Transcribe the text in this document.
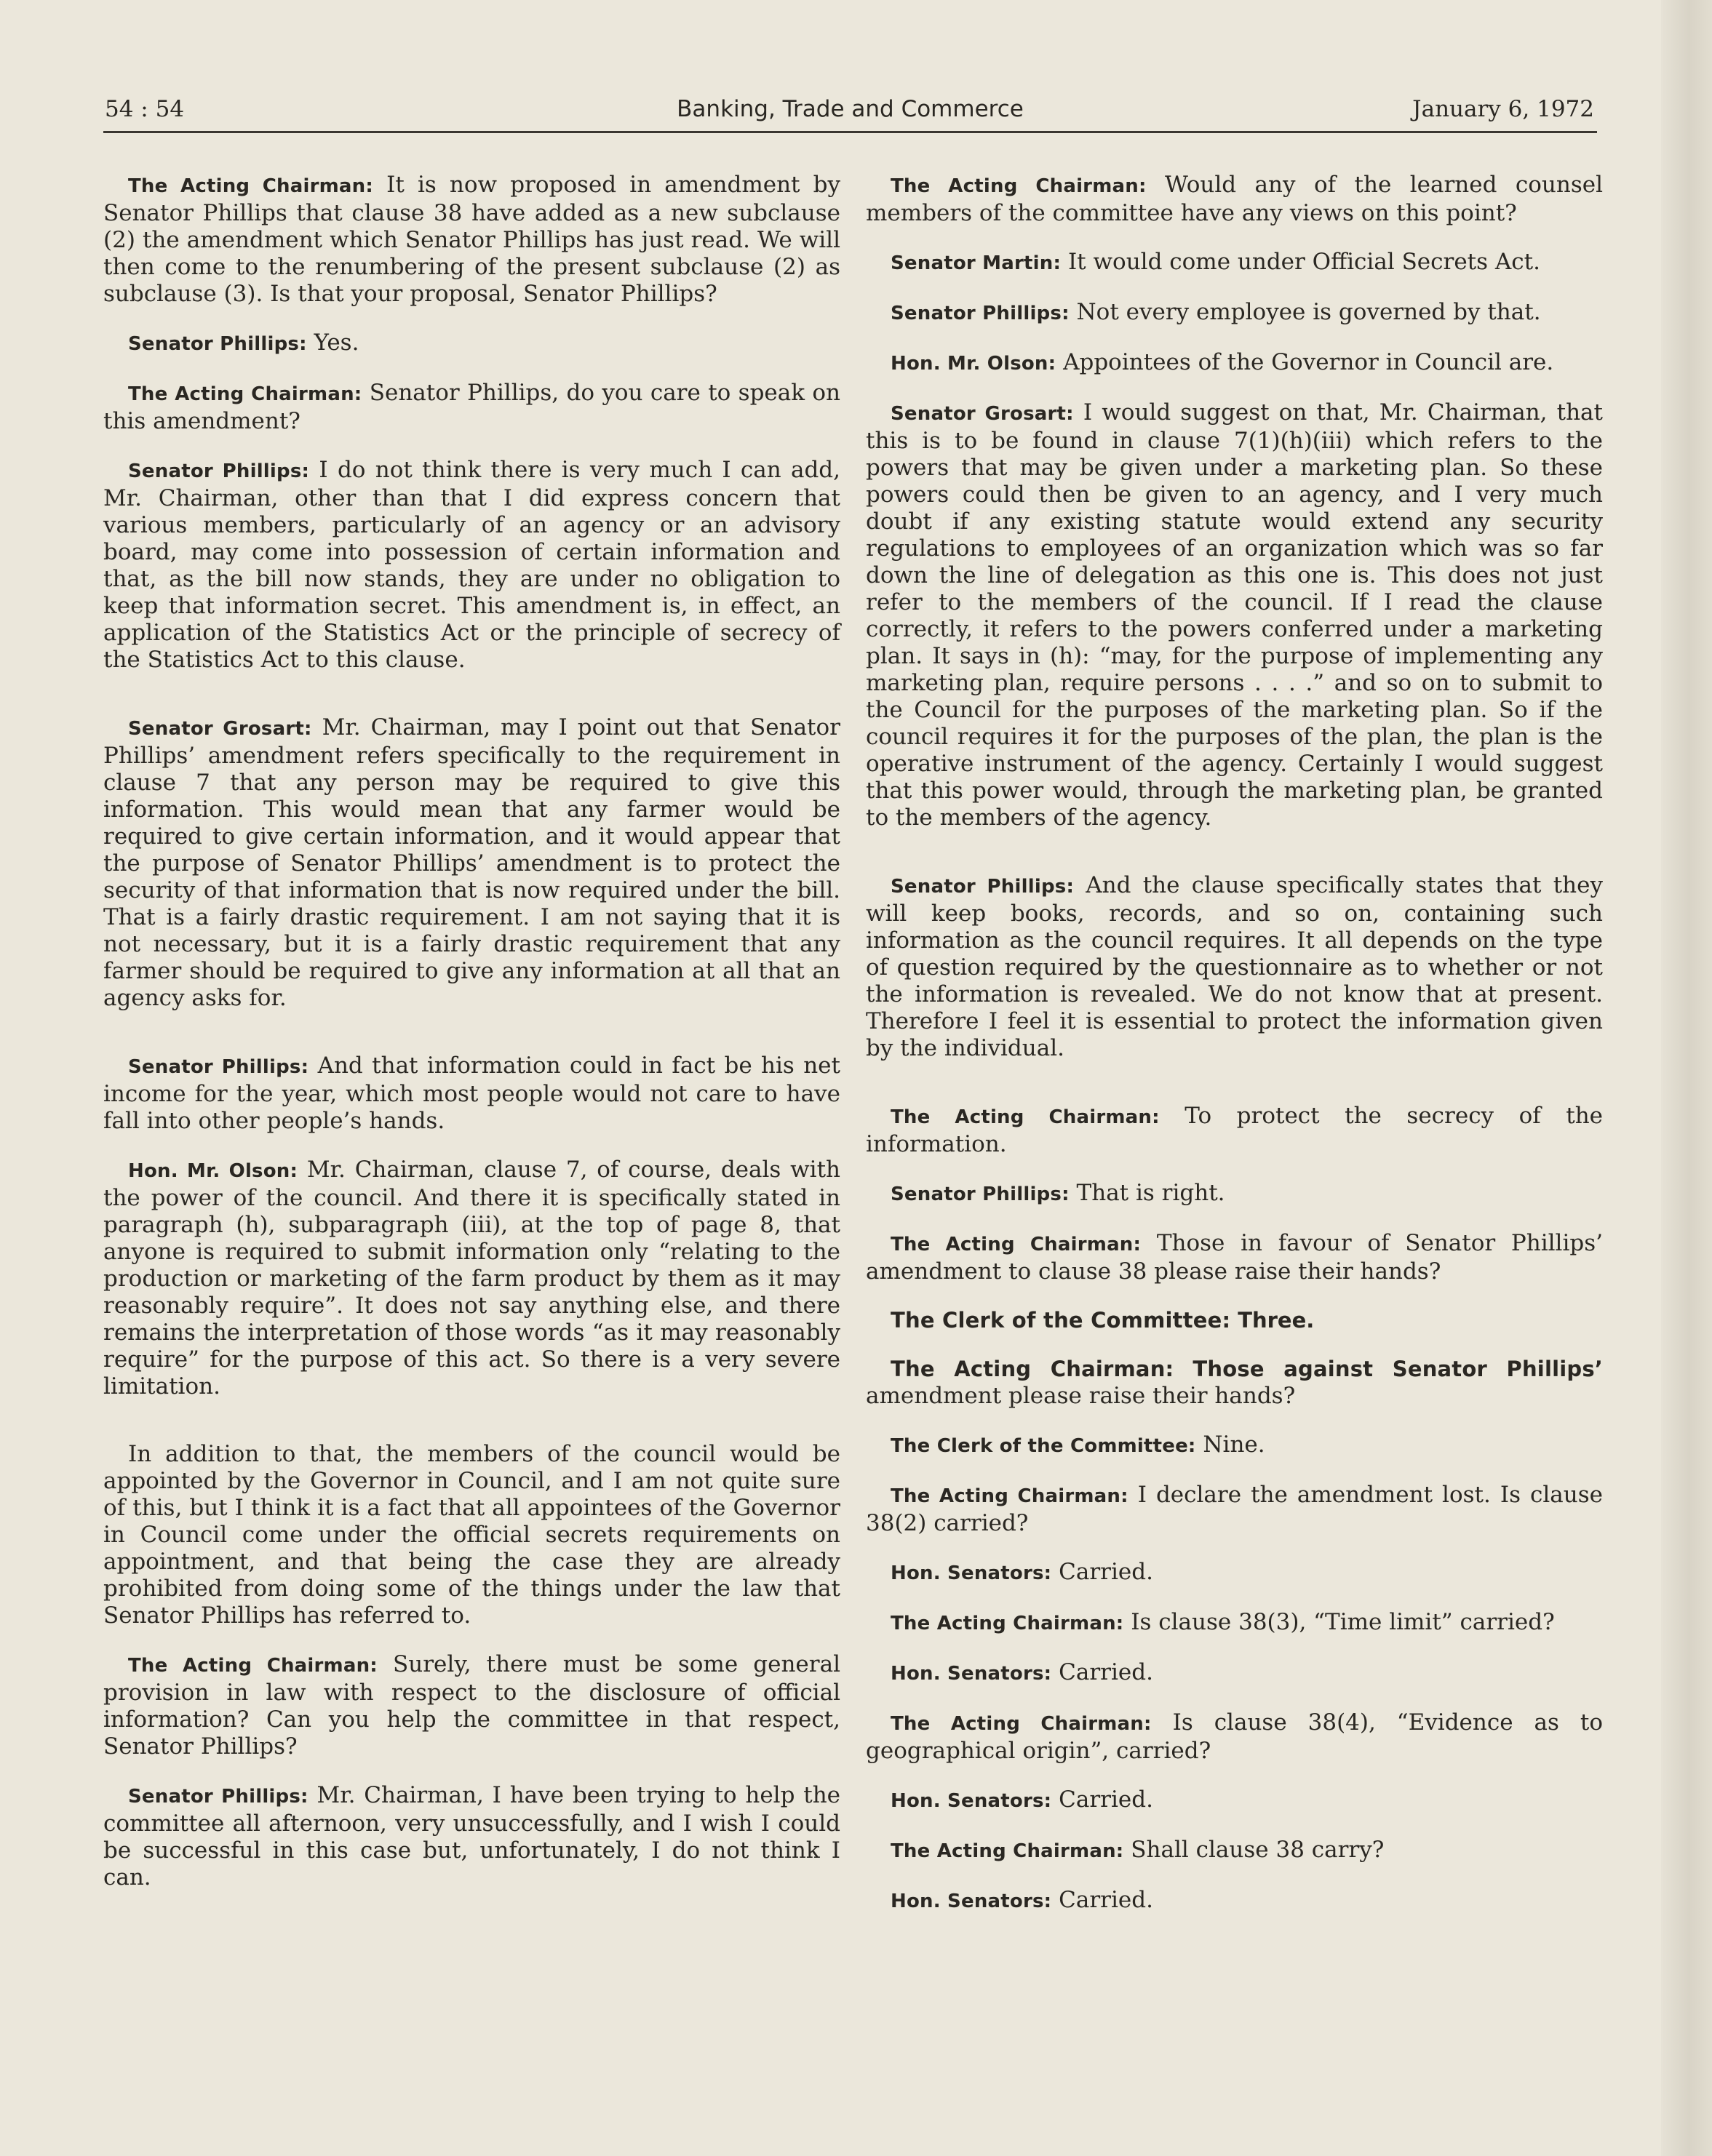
54 : 54	Banking, Trade and Commerce	January 6, 1972

The Acting Chairman: It is now proposed in amendment by Senator Phillips that clause 38 have added as a new subclause (2) the amendment which Senator Phillips has just read. We will then come to the renumbering of the present subclause (2) as subclause (3). Is that your proposal, Senator Phillips?

Senator Phillips: Yes.

The Acting Chairman: Senator Phillips, do you care to speak on this amendment?

Senator Phillips: I do not think there is very much I can add, Mr. Chairman, other than that I did express concern that various members, particularly of an agency or an advisory board, may come into possession of certain information and that, as the bill now stands, they are under no obligation to keep that information secret. This amendment is, in effect, an application of the Statistics Act or the principle of secrecy of the Statistics Act to this clause.

Senator Grosart: Mr. Chairman, may I point out that Senator Phillips’ amendment refers specifically to the requirement in clause 7 that any person may be required to give this information. This would mean that any farmer would be required to give certain information, and it would appear that the purpose of Senator Phillips’ amendment is to protect the security of that information that is now required under the bill. That is a fairly drastic requirement. I am not saying that it is not necessary, but it is a fairly drastic requirement that any farmer should be required to give any information at all that an agency asks for.

Senator Phillips: And that information could in fact be his net income for the year, which most people would not care to have fall into other people’s hands.

Hon. Mr. Olson: Mr. Chairman, clause 7, of course, deals with the power of the council. And there it is specifically stated in paragraph (h), subparagraph (iii), at the top of page 8, that anyone is required to submit information only “relating to the production or marketing of the farm product by them as it may reasonably require”. It does not say anything else, and there remains the interpretation of those words “as it may reasonably require” for the purpose of this act. So there is a very severe limitation.

In addition to that, the members of the council would be appointed by the Governor in Council, and I am not quite sure of this, but I think it is a fact that all appointees of the Governor in Council come under the official secrets requirements on appointment, and that being the case they are already prohibited from doing some of the things under the law that Senator Phillips has referred to.

The Acting Chairman: Surely, there must be some general provision in law with respect to the disclosure of official information? Can you help the committee in that respect, Senator Phillips?

Senator Phillips: Mr. Chairman, I have been trying to help the committee all afternoon, very unsuccessfully, and I wish I could be successful in this case but, unfortunately, I do not think I can.

The Acting Chairman: Would any of the learned counsel members of the committee have any views on this point?

Senator Martin: It would come under Official Secrets Act.

Senator Phillips: Not every employee is governed by that.

Hon. Mr. Olson: Appointees of the Governor in Council are.

Senator Grosart: I would suggest on that, Mr. Chairman, that this is to be found in clause 7(1)(h)(iii) which refers to the powers that may be given under a marketing plan. So these powers could then be given to an agency, and I very much doubt if any existing statute would extend any security regulations to employees of an organization which was so far down the line of delegation as this one is. This does not just refer to the members of the council. If I read the clause correctly, it refers to the powers conferred under a marketing plan. It says in (h): “may, for the purpose of implementing any marketing plan, require persons . . . .” and so on to submit to the Council for the purposes of the marketing plan. So if the council requires it for the purposes of the plan, the plan is the operative instrument of the agency. Certainly I would suggest that this power would, through the marketing plan, be granted to the members of the agency.

Senator Phillips: And the clause specifically states that they will keep books, records, and so on, containing such information as the council requires. It all depends on the type of question required by the questionnaire as to whether or not the information is revealed. We do not know that at present. Therefore I feel it is essential to protect the information given by the individual.

The Acting Chairman: To protect the secrecy of the information.

Senator Phillips: That is right.

The Acting Chairman: Those in favour of Senator Phillips’ amendment to clause 38 please raise their hands?

The Clerk of the Committee: Three.

The Acting Chairman: Those against Senator Phillips’ amendment please raise their hands?

The Clerk of the Committee: Nine.

The Acting Chairman: I declare the amendment lost. Is clause 38(2) carried?

Hon. Senators: Carried.

The Acting Chairman: Is clause 38(3), “Time limit” carried?

Hon. Senators: Carried.

The Acting Chairman: Is clause 38(4), “Evidence as to geographical origin”, carried?

Hon. Senators: Carried.

The Acting Chairman: Shall clause 38 carry?

Hon. Senators: Carried.
